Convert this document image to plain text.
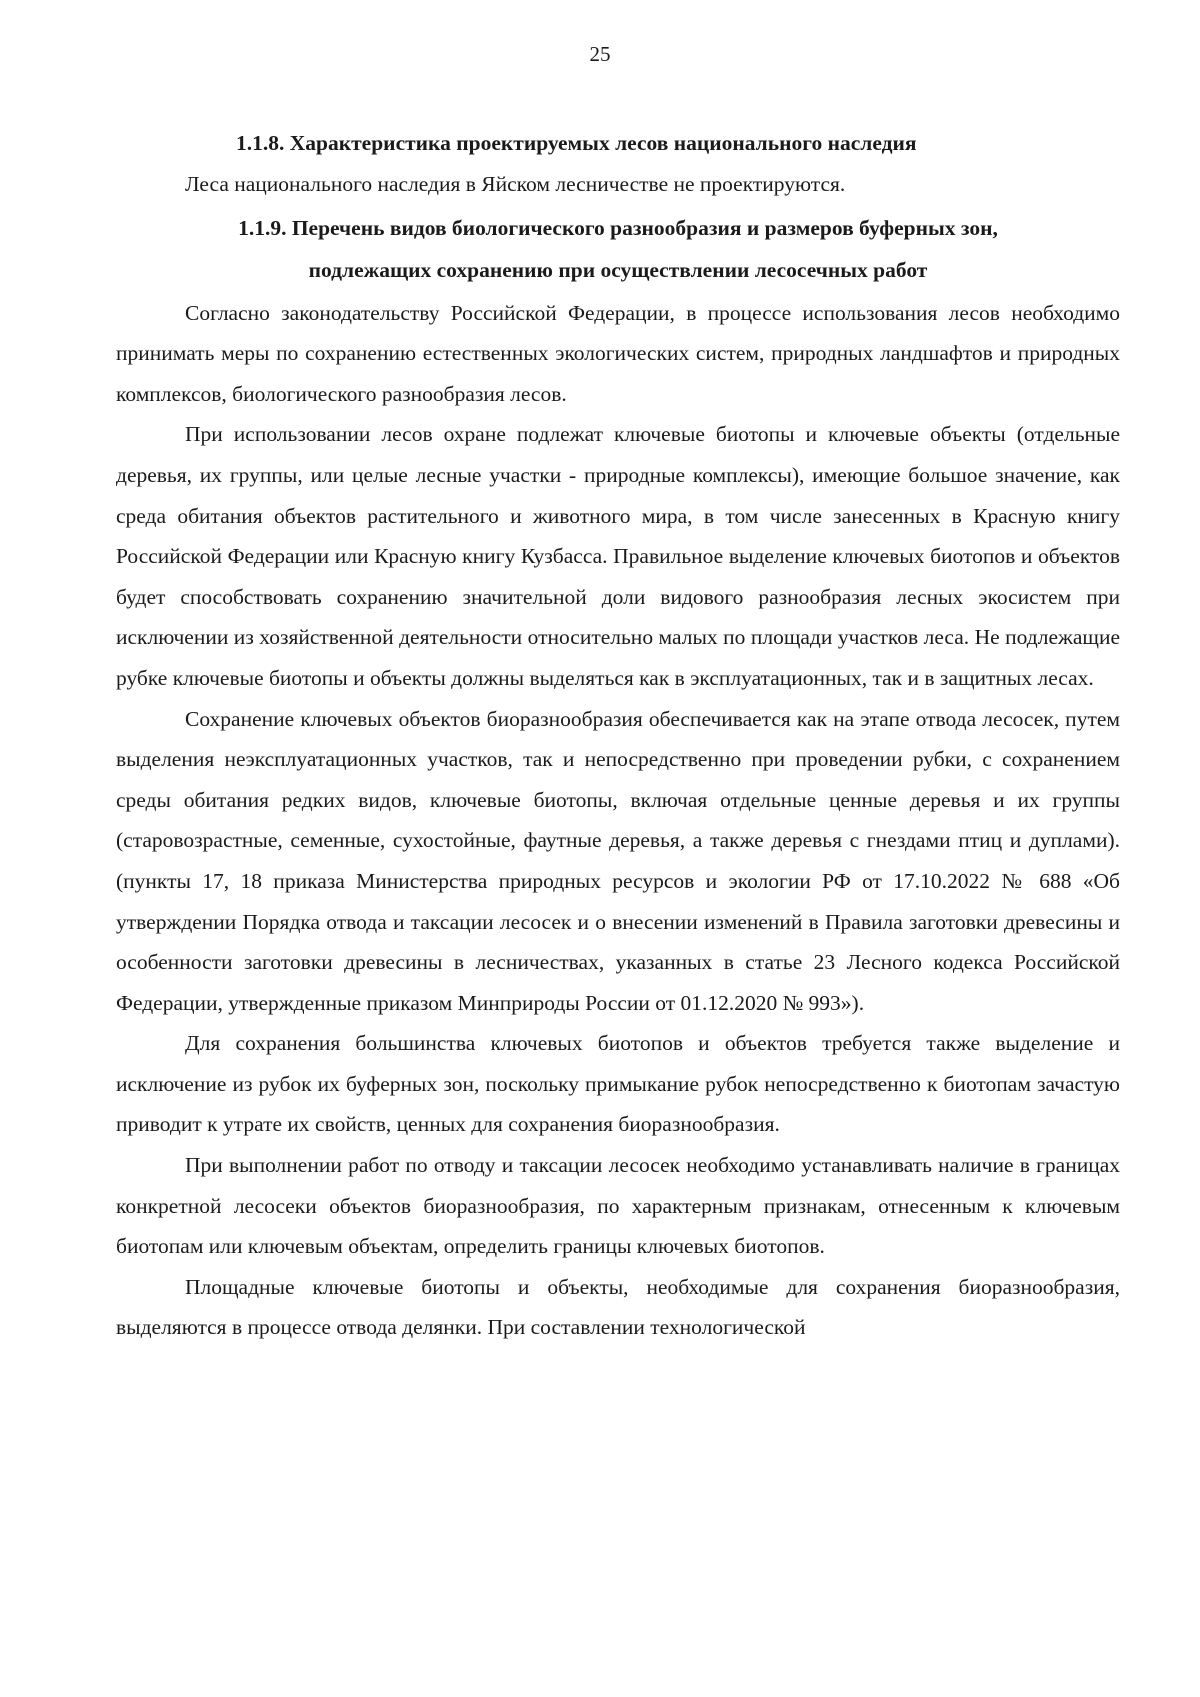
25

1.1.8. Характеристика проектируемых лесов национального наследия

Леса национального наследия в Яйском лесничестве не проектируются.

1.1.9. Перечень видов биологического разнообразия и размеров буферных зон,

подлежащих сохранению при осуществлении лесосечных работ

Согласно законодательству Российской Федерации, в процессе использования лесов необходимо принимать меры по сохранению естественных экологических систем, природных ландшафтов и природных комплексов, биологического разнообразия лесов.

При использовании лесов охране подлежат ключевые биотопы и ключевые объекты (отдельные деревья, их группы, или целые лесные участки - природные комплексы), имеющие большое значение, как среда обитания объектов растительного и животного мира, в том числе занесенных в Красную книгу Российской Федерации или Красную книгу Кузбасса. Правильное выделение ключевых биотопов и объектов будет способствовать сохранению значительной доли видового разнообразия лесных экосистем при исключении из хозяйственной деятельности относительно малых по площади участков леса. Не подлежащие рубке ключевые биотопы и объекты должны выделяться как в эксплуатационных, так и в защитных лесах.

Сохранение ключевых объектов биоразнообразия обеспечивается как на этапе отвода лесосек, путем выделения неэксплуатационных участков, так и непосредственно при проведении рубки, с сохранением среды обитания редких видов, ключевые биотопы, включая отдельные ценные деревья и их группы (старовозрастные, семенные, сухостойные, фаутные деревья, а также деревья с гнездами птиц и дуплами).(пункты 17, 18 приказа Министерства природных ресурсов и экологии РФ от 17.10.2022 № 688 «Об утверждении Порядка отвода и таксации лесосек и о внесении изменений в Правила заготовки древесины и особенности заготовки древесины в лесничествах, указанных в статье 23 Лесного кодекса Российской Федерации, утвержденные приказом Минприроды России от 01.12.2020 № 993»).

Для сохранения большинства ключевых биотопов и объектов требуется также выделение и исключение из рубок их буферных зон, поскольку примыкание рубок непосредственно к биотопам зачастую приводит к утрате их свойств, ценных для сохранения биоразнообразия.

При выполнении работ по отводу и таксации лесосек необходимо устанавливать наличие в границах конкретной лесосеки объектов биоразнообразия, по характерным признакам, отнесенным к ключевым биотопам или ключевым объектам, определить границы ключевых биотопов.

Площадные ключевые биотопы и объекты, необходимые для сохранения биоразнообразия, выделяются в процессе отвода делянки. При составлении технологической
